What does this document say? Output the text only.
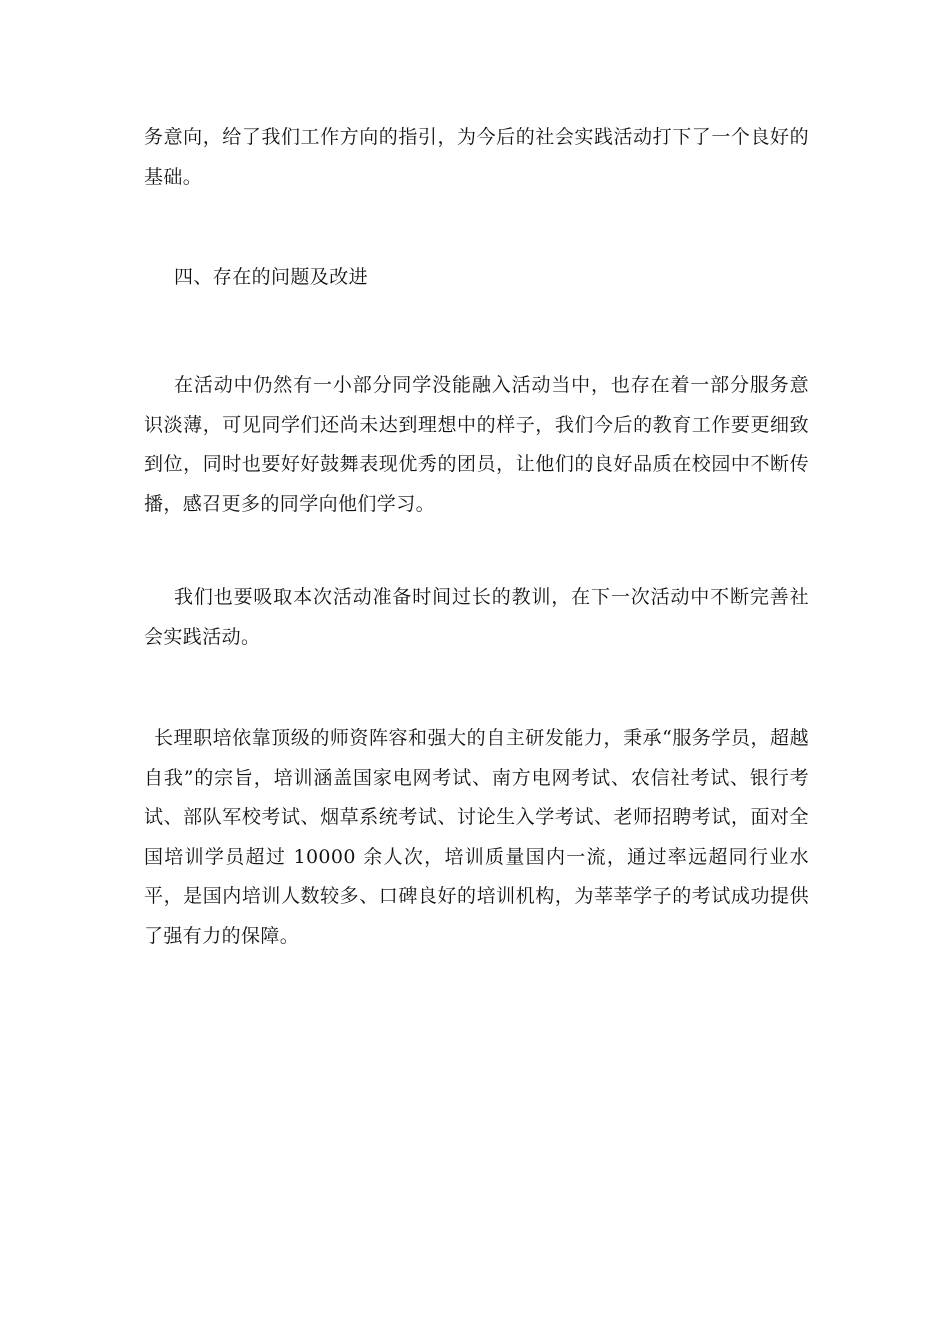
务意向，给了我们工作方向的指引，为今后的社会实践活动打下了一个良好的基础。

四、存在的问题及改进

在活动中仍然有一小部分同学没能融入活动当中，也存在着一部分服务意识淡薄，可见同学们还尚未达到理想中的样子，我们今后的教育工作要更细致到位，同时也要好好鼓舞表现优秀的团员，让他们的良好品质在校园中不断传播，感召更多的同学向他们学习。

我们也要吸取本次活动准备时间过长的教训，在下一次活动中不断完善社会实践活动。

长理职培依靠顶级的师资阵容和强大的自主研发能力，秉承“服务学员，超越自我”的宗旨，培训涵盖国家电网考试、南方电网考试、农信社考试、银行考试、部队军校考试、烟草系统考试、讨论生入学考试、老师招聘考试，面对全国培训学员超过 10000 余人次，培训质量国内一流，通过率远超同行业水平，是国内培训人数较多、口碑良好的培训机构，为莘莘学子的考试成功提供了强有力的保障。
